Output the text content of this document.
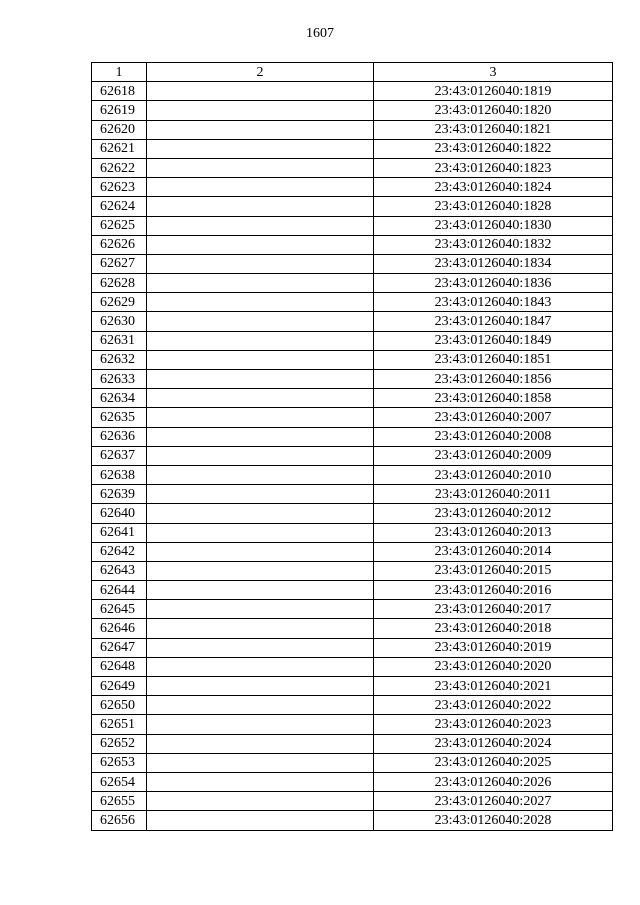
1607
1	2	3
62618		23:43:0126040:1819
62619		23:43:0126040:1820
62620		23:43:0126040:1821
62621		23:43:0126040:1822
62622		23:43:0126040:1823
62623		23:43:0126040:1824
62624		23:43:0126040:1828
62625		23:43:0126040:1830
62626		23:43:0126040:1832
62627		23:43:0126040:1834
62628		23:43:0126040:1836
62629		23:43:0126040:1843
62630		23:43:0126040:1847
62631		23:43:0126040:1849
62632		23:43:0126040:1851
62633		23:43:0126040:1856
62634		23:43:0126040:1858
62635		23:43:0126040:2007
62636		23:43:0126040:2008
62637		23:43:0126040:2009
62638		23:43:0126040:2010
62639		23:43:0126040:2011
62640		23:43:0126040:2012
62641		23:43:0126040:2013
62642		23:43:0126040:2014
62643		23:43:0126040:2015
62644		23:43:0126040:2016
62645		23:43:0126040:2017
62646		23:43:0126040:2018
62647		23:43:0126040:2019
62648		23:43:0126040:2020
62649		23:43:0126040:2021
62650		23:43:0126040:2022
62651		23:43:0126040:2023
62652		23:43:0126040:2024
62653		23:43:0126040:2025
62654		23:43:0126040:2026
62655		23:43:0126040:2027
62656		23:43:0126040:2028
